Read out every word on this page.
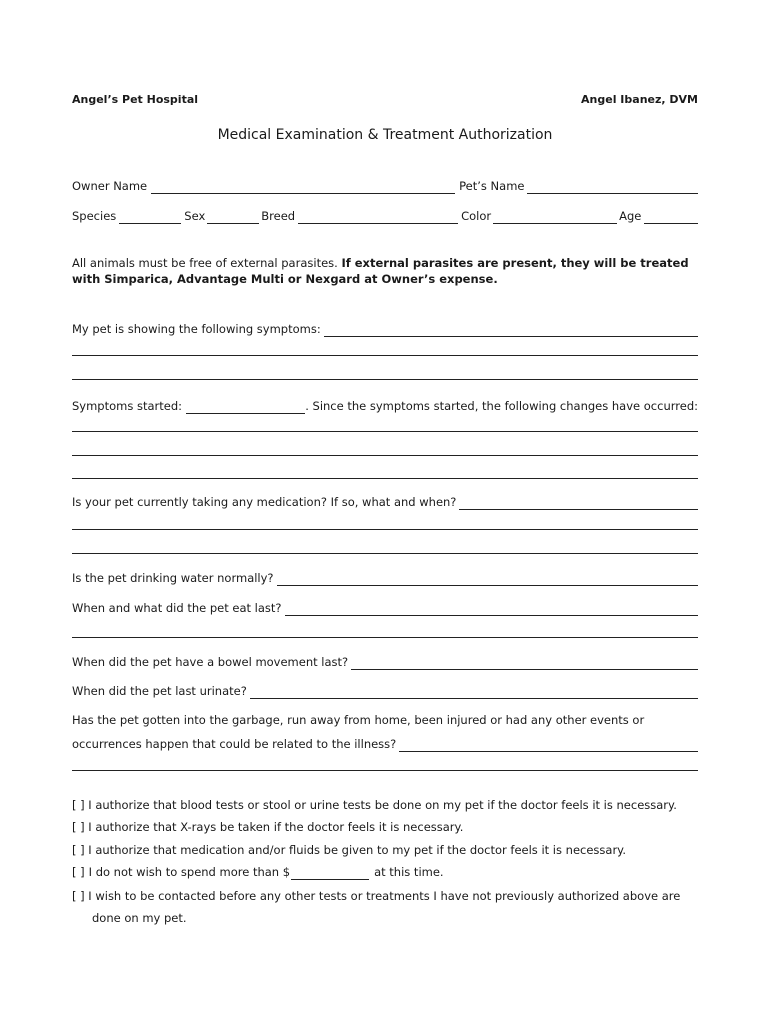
Angel’s Pet Hospital	Angel Ibanez, DVM
Medical Examination & Treatment Authorization
Owner Name	Pet’s Name
Species	Sex	Breed	Color	Age
All animals must be free of external parasites. If external parasites are present, they will be treated with Simparica, Advantage Multi or Nexgard at Owner’s expense.
My pet is showing the following symptoms:
Symptoms started:	. Since the symptoms started, the following changes have occurred:
Is your pet currently taking any medication? If so, what and when?
Is the pet drinking water normally?
When and what did the pet eat last?
When did the pet have a bowel movement last?
When did the pet last urinate?
Has the pet gotten into the garbage, run away from home, been injured or had any other events or
occurrences happen that could be related to the illness?
[ ] I authorize that blood tests or stool or urine tests be done on my pet if the doctor feels it is necessary.
[ ] I authorize that X-rays be taken if the doctor feels it is necessary.
[ ] I authorize that medication and/or fluids be given to my pet if the doctor feels it is necessary.
[ ] I do not wish to spend more than $	at this time.
[ ] I wish to be contacted before any other tests or treatments I have not previously authorized above are
done on my pet.
